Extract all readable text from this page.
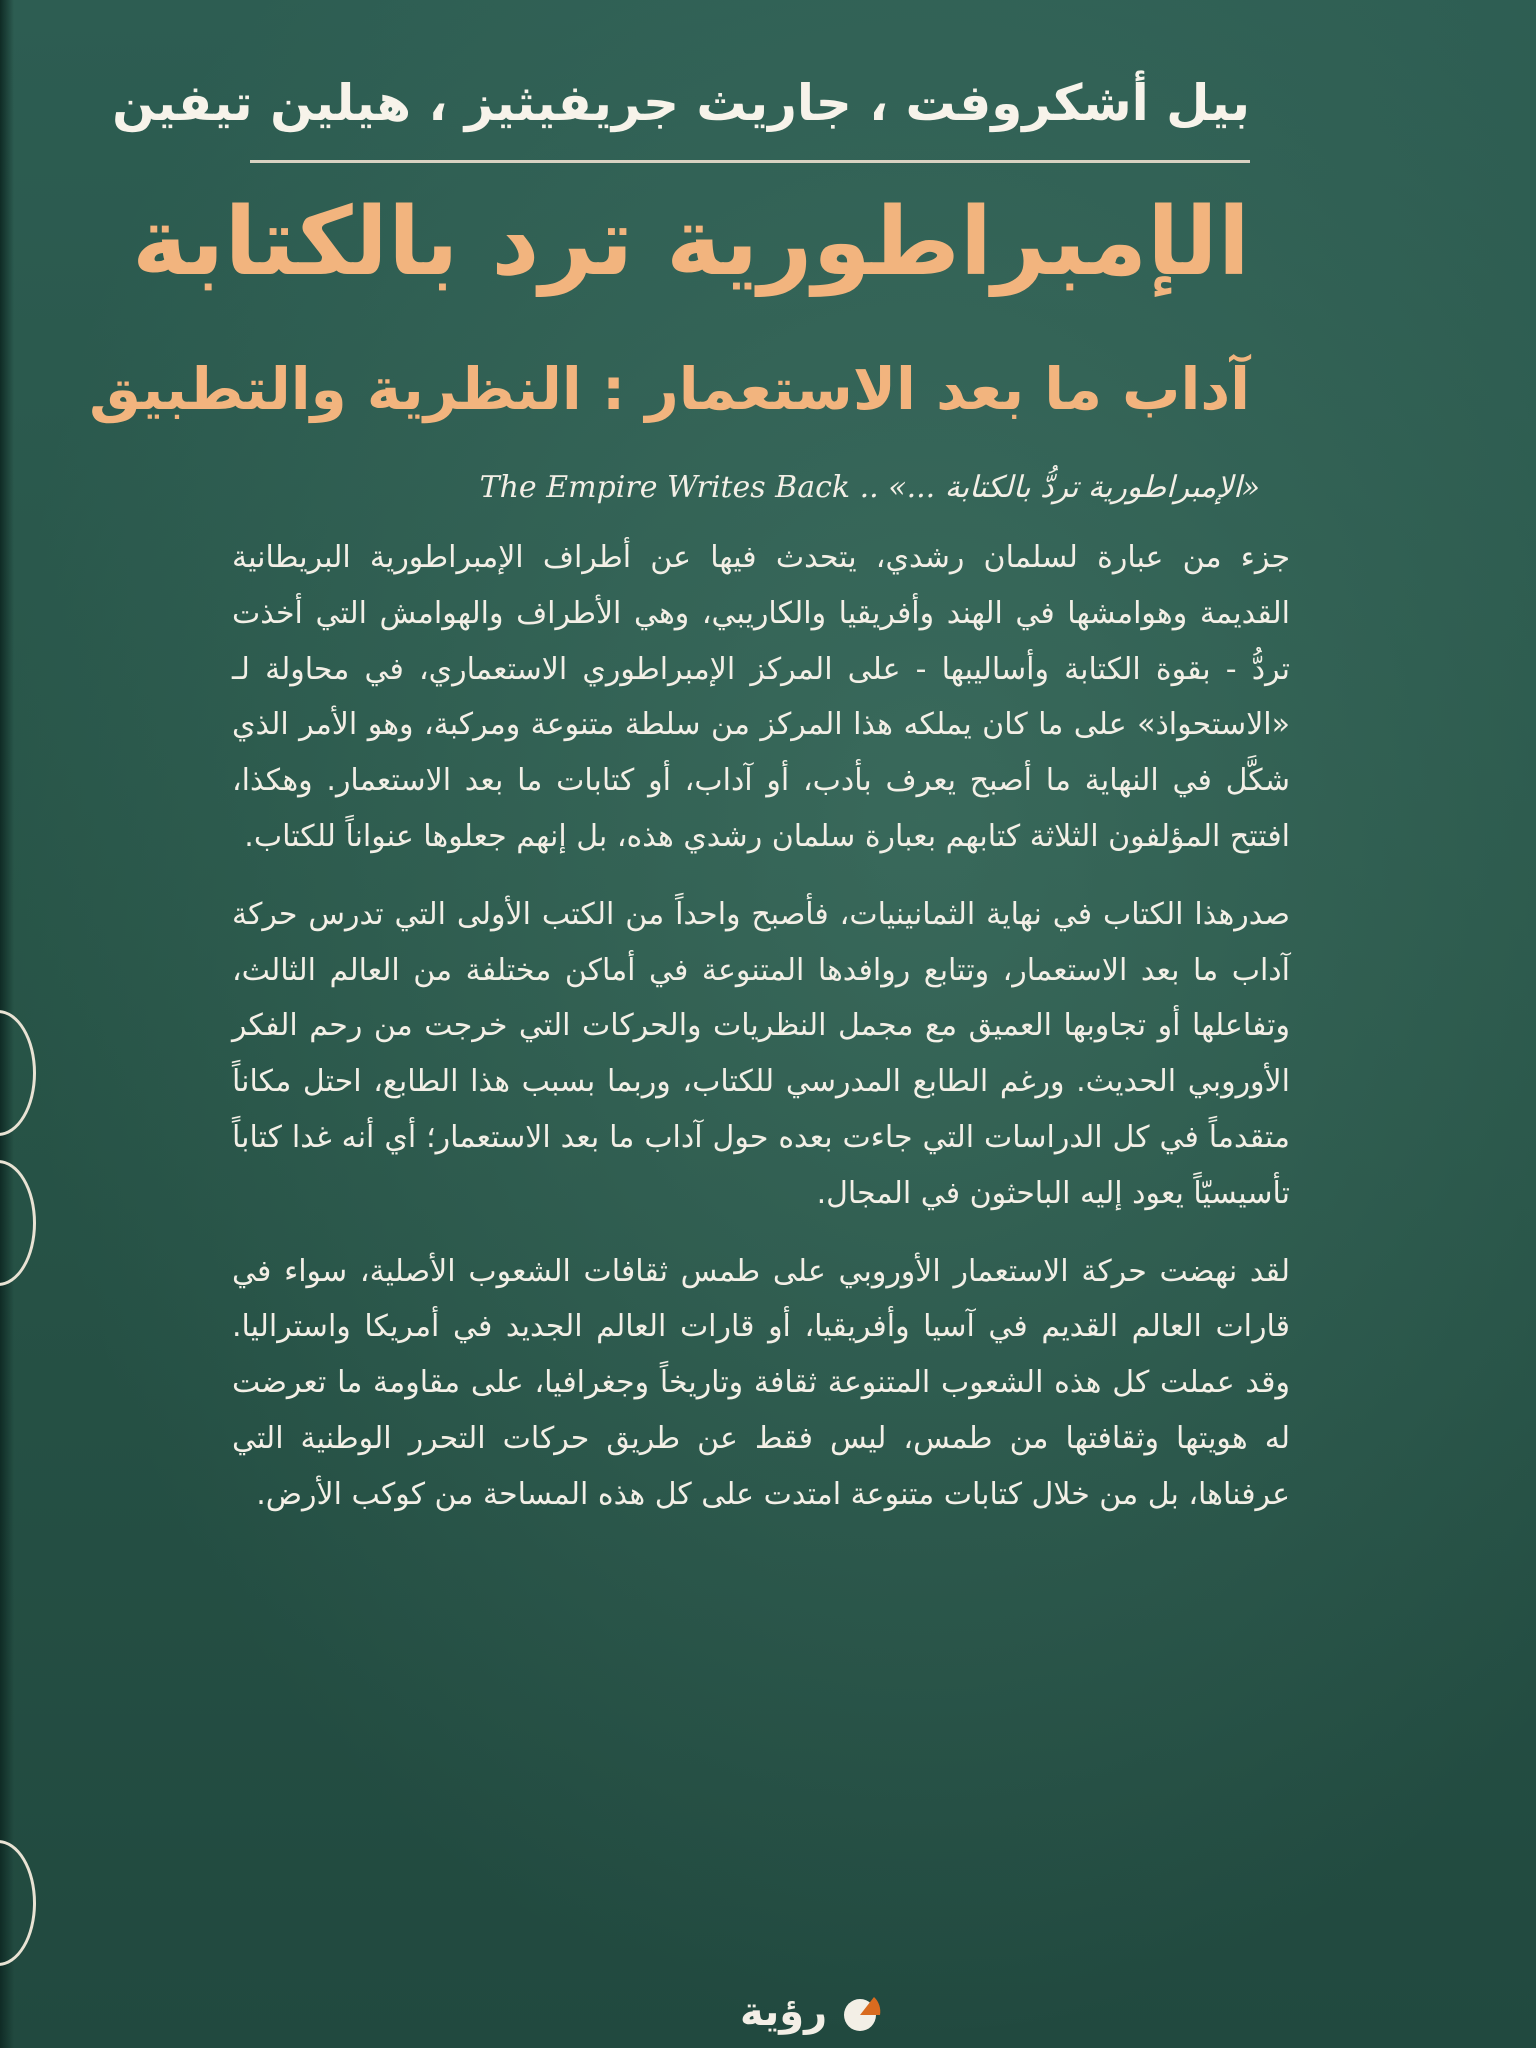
بيل أشكروفت ، جاريث جريفيثيز ، هيلين تيفين
الإمبراطورية ترد بالكتابة
آداب ما بعد الاستعمار : النظرية والتطبيق
«الإمبراطورية تردُّ بالكتابة ...» .. The Empire Writes Back

جزء من عبارة لسلمان رشدي، يتحدث فيها عن أطراف الإمبراطورية البريطانية القديمة وهوامشها في الهند وأفريقيا والكاريبي، وهي الأطراف والهوامش التي أخذت تردُّ - بقوة الكتابة وأساليبها - على المركز الإمبراطوري الاستعماري، في محاولة لـ «الاستحواذ» على ما كان يملكه هذا المركز من سلطة متنوعة ومركبة، وهو الأمر الذي شكَّل في النهاية ما أصبح يعرف بأدب، أو آداب، أو كتابات ما بعد الاستعمار. وهكذا، افتتح المؤلفون الثلاثة كتابهم بعبارة سلمان رشدي هذه، بل إنهم جعلوها عنواناً للكتاب.

صدرهذا الكتاب في نهاية الثمانينيات، فأصبح واحداً من الكتب الأولى التي تدرس حركة آداب ما بعد الاستعمار، وتتابع روافدها المتنوعة في أماكن مختلفة من العالم الثالث، وتفاعلها أو تجاوبها العميق مع مجمل النظريات والحركات التي خرجت من رحم الفكر الأوروبي الحديث. ورغم الطابع المدرسي للكتاب، وربما بسبب هذا الطابع، احتل مكاناً متقدماً في كل الدراسات التي جاءت بعده حول آداب ما بعد الاستعمار؛ أي أنه غدا كتاباً تأسيسيّاً يعود إليه الباحثون في المجال.

لقد نهضت حركة الاستعمار الأوروبي على طمس ثقافات الشعوب الأصلية، سواء في قارات العالم القديم في آسيا وأفريقيا، أو قارات العالم الجديد في أمريكا واستراليا. وقد عملت كل هذه الشعوب المتنوعة ثقافة وتاريخاً وجغرافيا، على مقاومة ما تعرضت له هويتها وثقافتها من طمس، ليس فقط عن طريق حركات التحرر الوطنية التي عرفناها، بل من خلال كتابات متنوعة امتدت على كل هذه المساحة من كوكب الأرض.

رؤية
